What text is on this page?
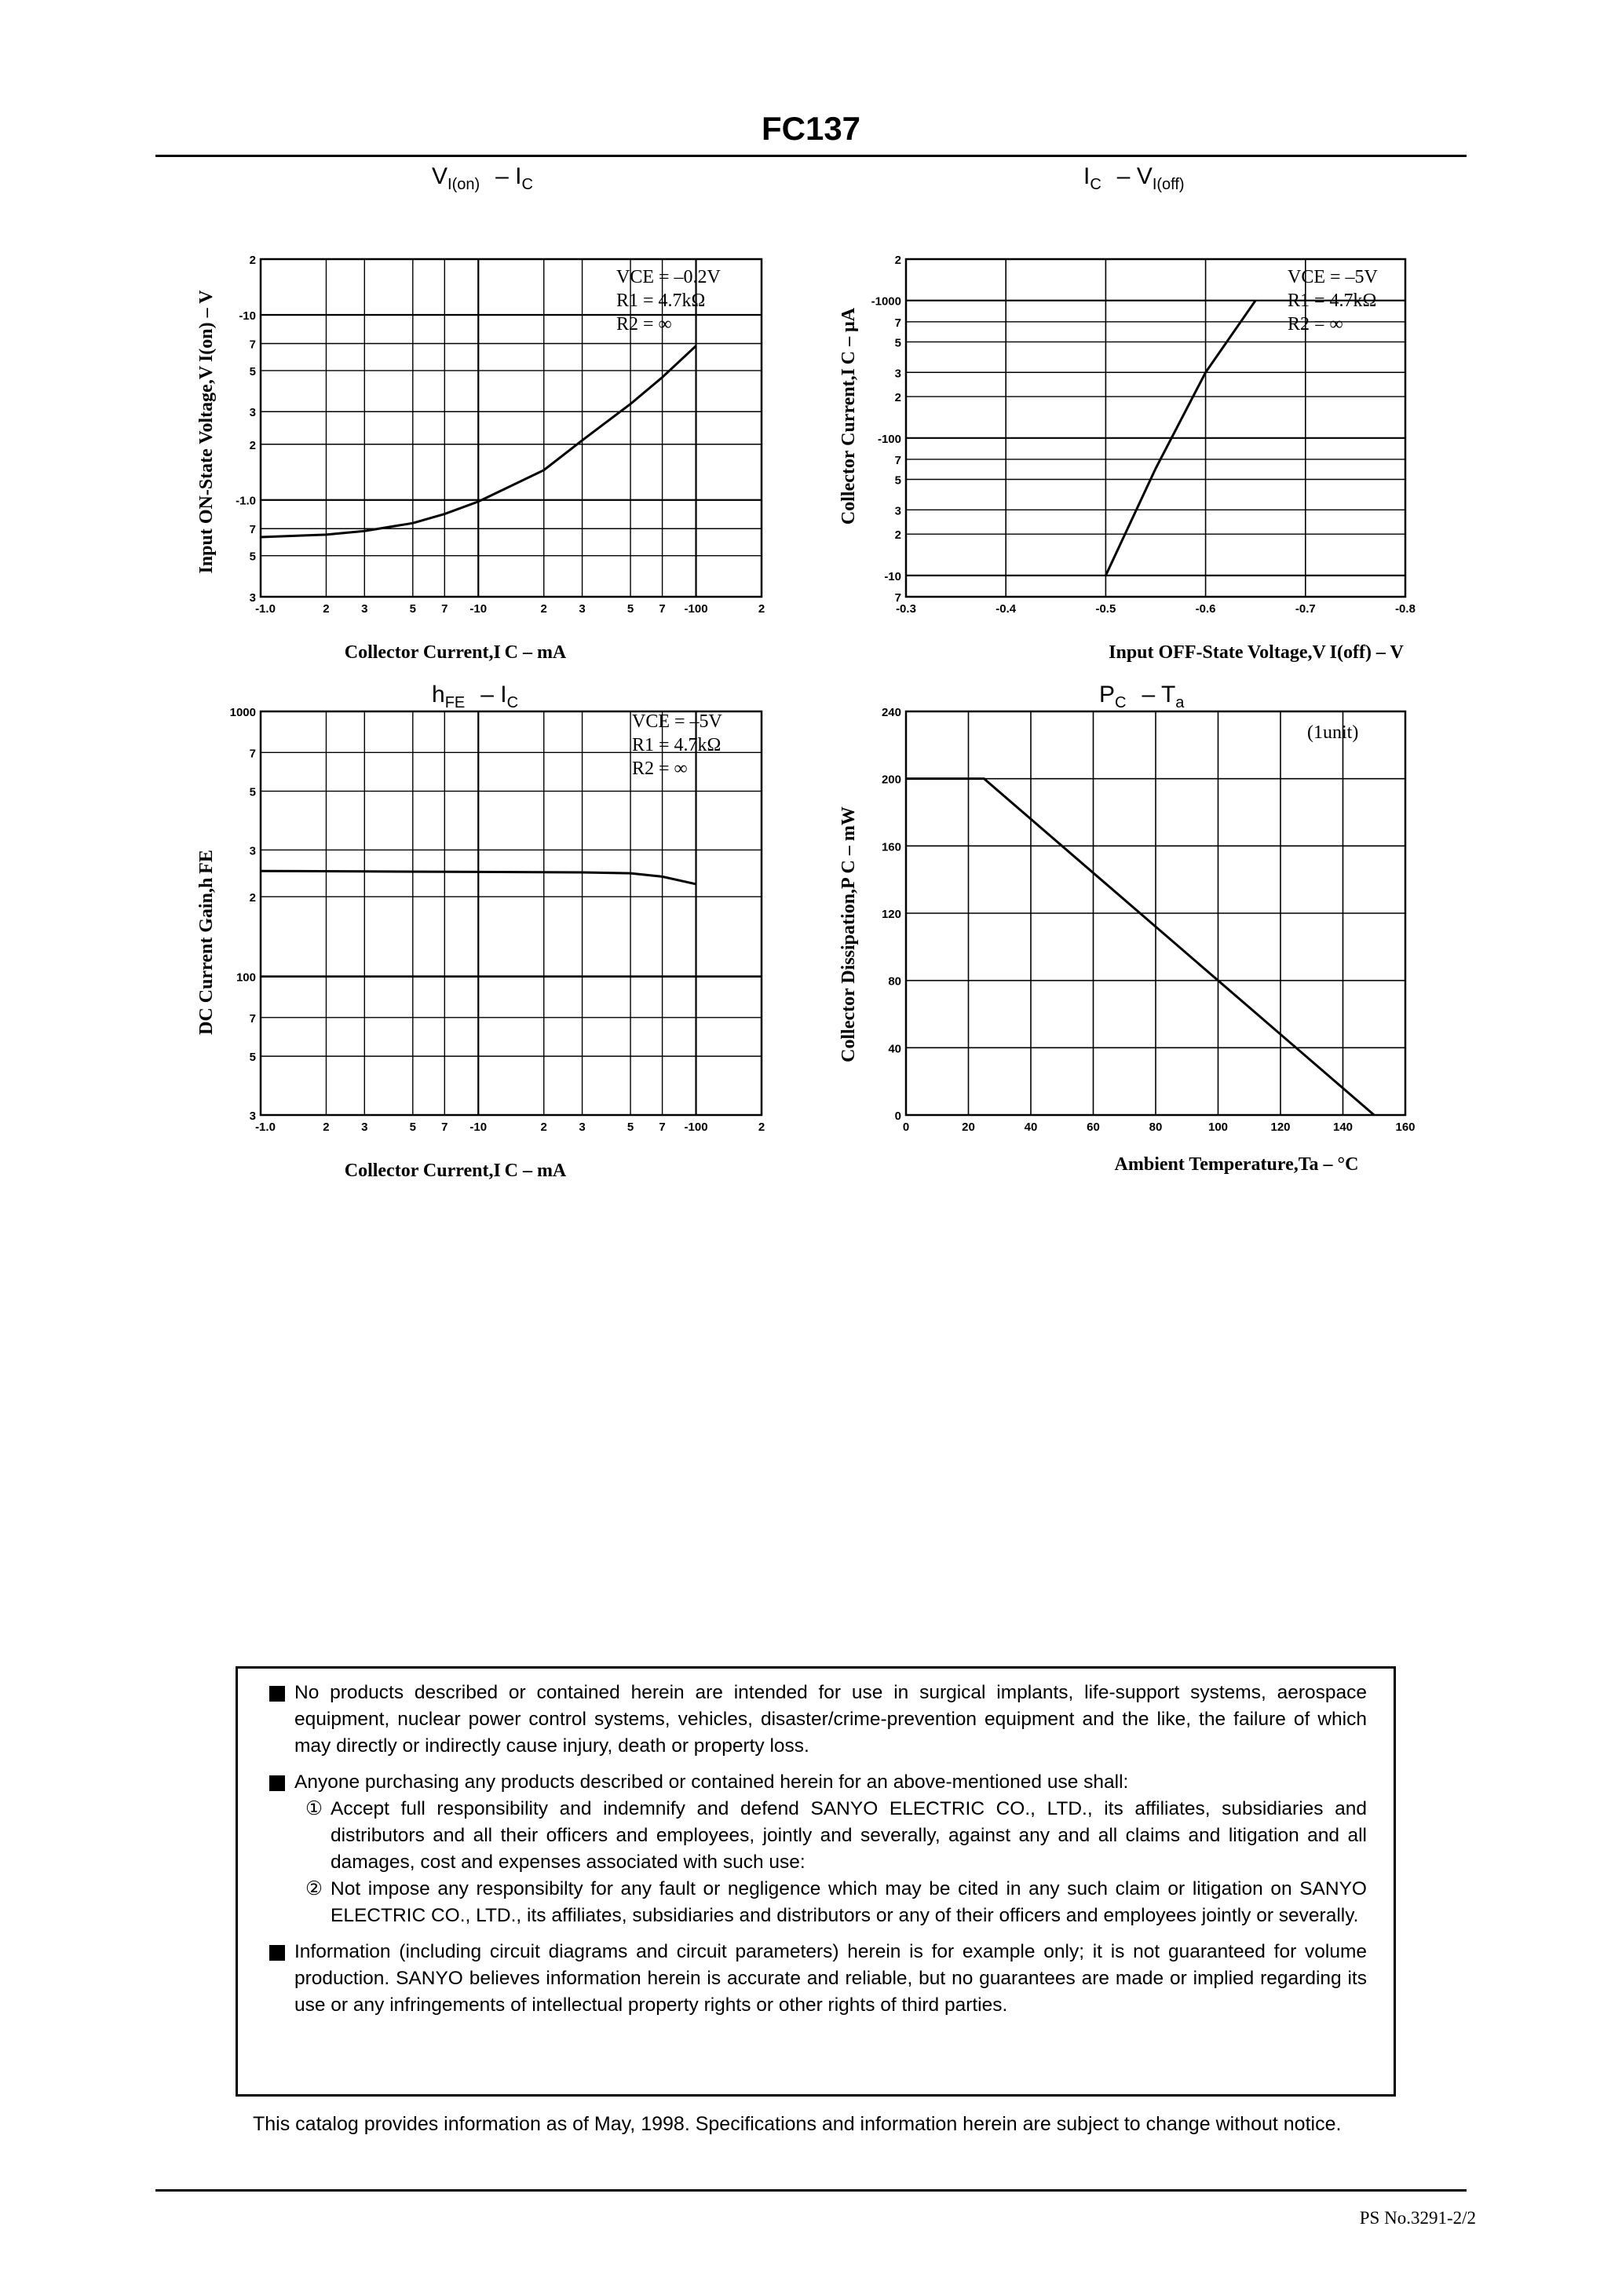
FC137
$V_{I(on)} - I_C$
-1.0	2	3	5 7 -10	2	3	5 7 -100	2
2
-10
7
5
3
2
-1.0
7
5
3
VCE = –0.2V
R1 = 4.7kΩ
R2 = ∞
Collector Current,I C – mA
Input ON-State Voltage,V I(on) – V
$I_C - V_{I(off)}$
-0.3	-0.4	-0.5	-0.6	-0.7	-0.8
2
-1000
7
5
3
2
-100
7
5
3
2
-10
7
VCE = –5V
R1 = 4.7kΩ
R2 = ∞
Input OFF-State Voltage,V I(off) – V
Collector Current,I C – μA
$h_{FE} - I_C$
-1.0	2	3	5 7 -10	2	3	5 7 -100	2
1000
7
5
3
2
100
7
5
3
VCE = –5V
R1 = 4.7kΩ
R2 = ∞
Collector Current,I C – mA
DC Current Gain,h FE
$P_C - T_a$
0	20	40	60	80	100	120	140	160
240
200
160
120
80
40
0
(1unit)
Ambient Temperature,Ta – °C
Collector Dissipation,P C – mW
No products described or contained herein are intended for use in surgical implants, life-support systems, aerospace equipment, nuclear power control systems, vehicles, disaster/crime-prevention equipment and the like, the failure of which may directly or indirectly cause injury, death or property loss.
Anyone purchasing any products described or contained herein for an above-mentioned use shall:
① Accept full responsibility and indemnify and defend SANYO ELECTRIC CO., LTD., its affiliates, subsidiaries and distributors and all their officers and employees, jointly and severally, against any and all claims and litigation and all damages, cost and expenses associated with such use:
② Not impose any responsibilty for any fault or negligence which may be cited in any such claim or litigation on SANYO ELECTRIC CO., LTD., its affiliates, subsidiaries and distributors or any of their officers and employees jointly or severally.
Information (including circuit diagrams and circuit parameters) herein is for example only; it is not guaranteed for volume production. SANYO believes information herein is accurate and reliable, but no guarantees are made or implied regarding its use or any infringements of intellectual property rights or other rights of third parties.
This catalog provides information as of May, 1998. Specifications and information herein are subject to change without notice.
PS No.3291-2/2
